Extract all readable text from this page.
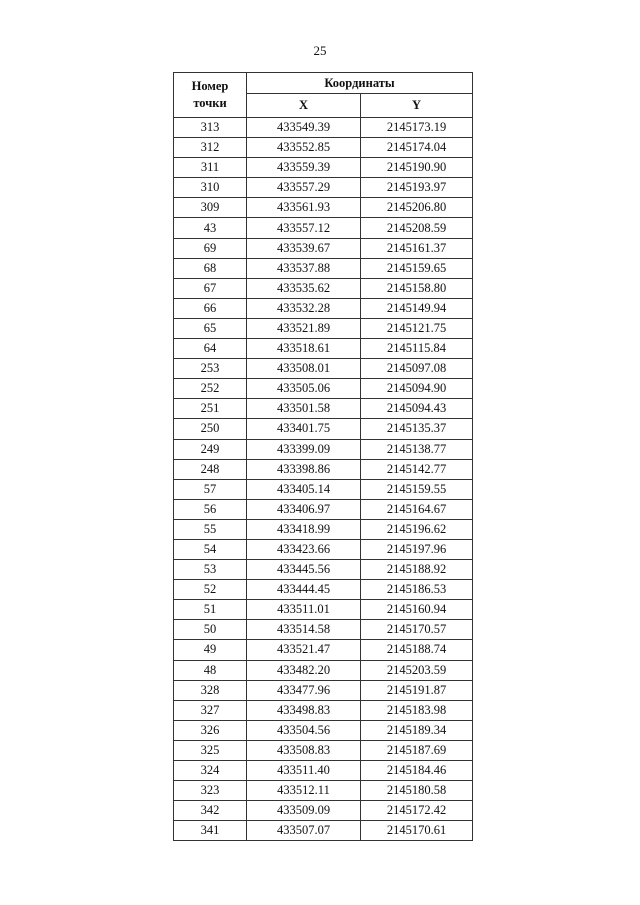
25
Номер
точки	Координаты	
	X	Y
313	433549.39	2145173.19
312	433552.85	2145174.04
311	433559.39	2145190.90
310	433557.29	2145193.97
309	433561.93	2145206.80
43	433557.12	2145208.59
69	433539.67	2145161.37
68	433537.88	2145159.65
67	433535.62	2145158.80
66	433532.28	2145149.94
65	433521.89	2145121.75
64	433518.61	2145115.84
253	433508.01	2145097.08
252	433505.06	2145094.90
251	433501.58	2145094.43
250	433401.75	2145135.37
249	433399.09	2145138.77
248	433398.86	2145142.77
57	433405.14	2145159.55
56	433406.97	2145164.67
55	433418.99	2145196.62
54	433423.66	2145197.96
53	433445.56	2145188.92
52	433444.45	2145186.53
51	433511.01	2145160.94
50	433514.58	2145170.57
49	433521.47	2145188.74
48	433482.20	2145203.59
328	433477.96	2145191.87
327	433498.83	2145183.98
326	433504.56	2145189.34
325	433508.83	2145187.69
324	433511.40	2145184.46
323	433512.11	2145180.58
342	433509.09	2145172.42
341	433507.07	2145170.61
